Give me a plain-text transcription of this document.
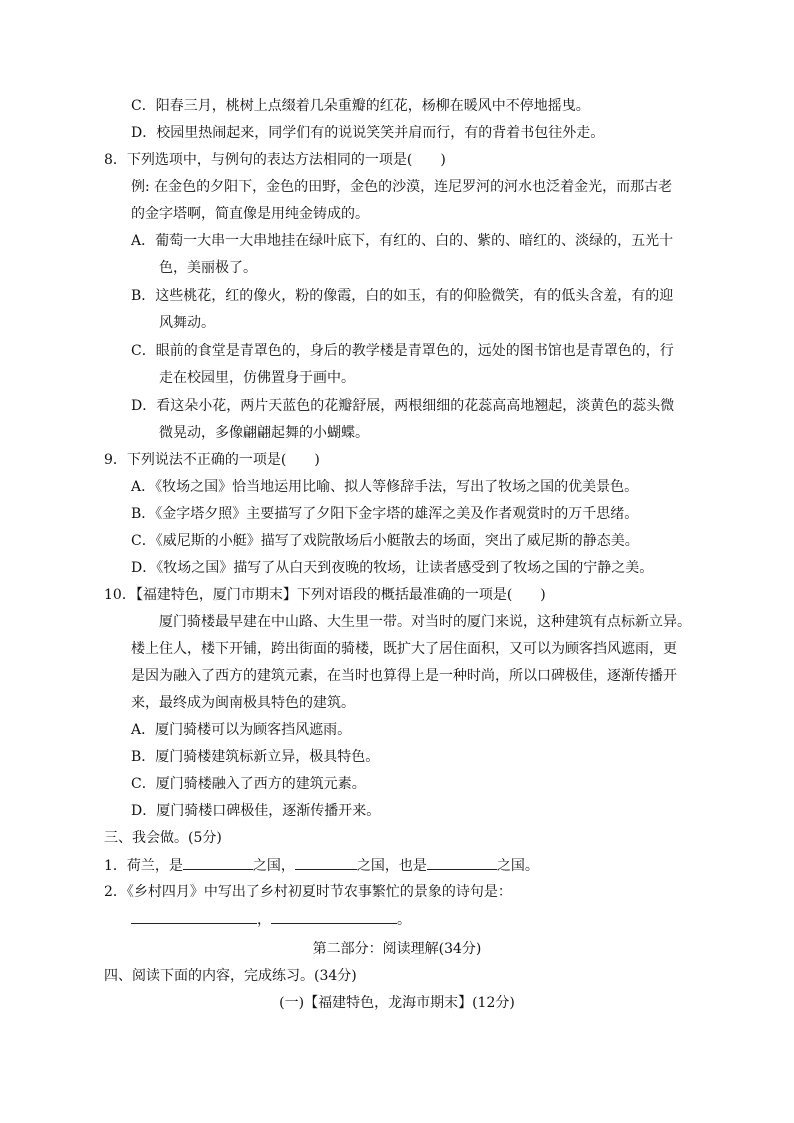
C．阳春三月，桃树上点缀着几朵重瓣的红花，杨柳在暖风中不停地摇曳。
D．校园里热闹起来，同学们有的说说笑笑并肩而行，有的背着书包往外走。
8．下列选项中，与例句的表达方法相同的一项是(　　)
例: 在金色的夕阳下，金色的田野，金色的沙漠，连尼罗河的河水也泛着金光，而那古老
的金字塔啊，简直像是用纯金铸成的。
A．葡萄一大串一大串地挂在绿叶底下，有红的、白的、紫的、暗红的、淡绿的，五光十
色，美丽极了。
B．这些桃花，红的像火，粉的像霞，白的如玉，有的仰脸微笑，有的低头含羞，有的迎
风舞动。
C．眼前的食堂是青罩色的，身后的教学楼是青罩色的，远处的图书馆也是青罩色的，行
走在校园里，仿佛置身于画中。
D．看这朵小花，两片天蓝色的花瓣舒展，两根细细的花蕊高高地翘起，淡黄色的蕊头微
微晃动，多像翩翩起舞的小蝴蝶。
9．下列说法不正确的一项是(　　)
A．《牧场之国》恰当地运用比喻、拟人等修辞手法，写出了牧场之国的优美景色。
B．《金字塔夕照》主要描写了夕阳下金字塔的雄浑之美及作者观赏时的万千思绪。
C．《威尼斯的小艇》描写了戏院散场后小艇散去的场面，突出了威尼斯的静态美。
D．《牧场之国》描写了从白天到夜晚的牧场，让读者感受到了牧场之国的宁静之美。
10．【福建特色，厦门市期末】下列对语段的概括最准确的一项是(　　)
厦门骑楼最早建在中山路、大生里一带。对当时的厦门来说，这种建筑有点标新立异。
楼上住人，楼下开铺，跨出街面的骑楼，既扩大了居住面积，又可以为顾客挡风遮雨，更
是因为融入了西方的建筑元素，在当时也算得上是一种时尚，所以口碑极佳，逐渐传播开
来，最终成为闽南极具特色的建筑。
A．厦门骑楼可以为顾客挡风遮雨。
B．厦门骑楼建筑标新立异，极具特色。
C．厦门骑楼融入了西方的建筑元素。
D．厦门骑楼口碑极佳，逐渐传播开来。
三、我会做。(5分)
1．荷兰，是	之国，	之国，也是	之国。
2．《乡村四月》中写出了乡村初夏时节农事繁忙的景象的诗句是：
，	。
第二部分：阅读理解(34分)
四、阅读下面的内容，完成练习。(34分)
(一)【福建特色，龙海市期末】(12分)
